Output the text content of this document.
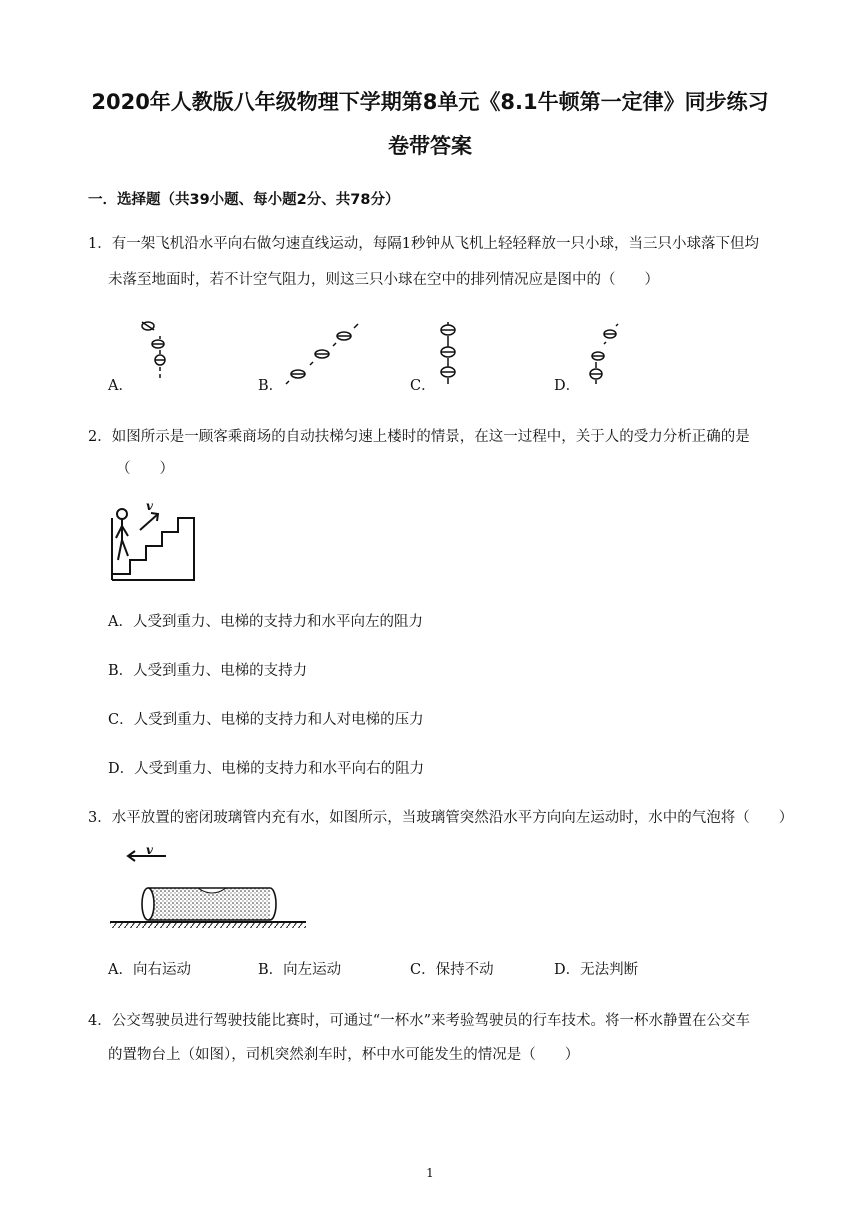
2020年人教版八年级物理下学期第8单元《8.1牛顿第一定律》同步练习
卷带答案
一．选择题（共39小题、每小题2分、共78分）
1．有一架飞机沿水平向右做匀速直线运动，每隔1秒钟从飞机上轻轻释放一只小球，当三只小球落下但均
未落至地面时，若不计空气阻力，则这三只小球在空中的排列情况应是图中的（　　）
A．	B．	C．	D．
2．如图所示是一顾客乘商场的自动扶梯匀速上楼时的情景，在这一过程中，关于人的受力分析正确的是
（　　）
v
A．人受到重力、电梯的支持力和水平向左的阻力
B．人受到重力、电梯的支持力
C．人受到重力、电梯的支持力和人对电梯的压力
D．人受到重力、电梯的支持力和水平向右的阻力
3．水平放置的密闭玻璃管内充有水，如图所示，当玻璃管突然沿水平方向向左运动时，水中的气泡将（　　）
v
A．向右运动	B．向左运动	C．保持不动	D．无法判断
4．公交驾驶员进行驾驶技能比赛时，可通过“一杯水”来考验驾驶员的行车技术。将一杯水静置在公交车
的置物台上（如图），司机突然刹车时，杯中水可能发生的情况是（　　）
1
